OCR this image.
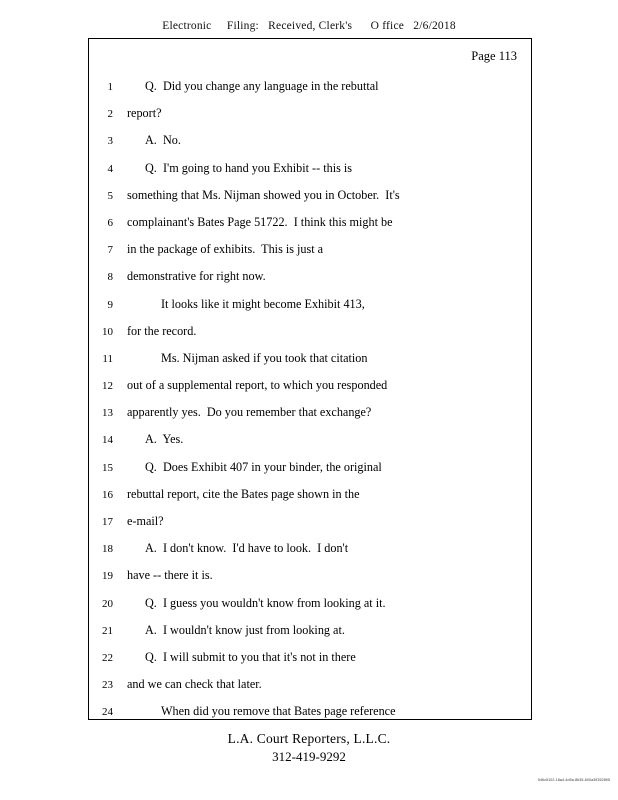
Electronic     Filing:   Received, Clerk's      O ffice   2/6/2018
Page 113
1	Q.  Did you change any language in the rebuttal
2	report?
3	A.  No.
4	Q.  I'm going to hand you Exhibit -- this is
5	something that Ms. Nijman showed you in October.  It's
6	complainant's Bates Page 51722.  I think this might be
7	in the package of exhibits.  This is just a
8	demonstrative for right now.
9	It looks like it might become Exhibit 413,
10	for the record.
11	Ms. Nijman asked if you took that citation
12	out of a supplemental report, to which you responded
13	apparently yes.  Do you remember that exchange?
14	A.  Yes.
15	Q.  Does Exhibit 407 in your binder, the original
16	rebuttal report, cite the Bates page shown in the
17	e-mail?
18	A.  I don't know.  I'd have to look.  I don't
19	have -- there it is.
20	Q.  I guess you wouldn't know from looking at it.
21	A.  I wouldn't know just from looking at.
22	Q.  I will submit to you that it's not in there
23	and we can check that later.
24	When did you remove that Bates page reference
L.A. Court Reporters, L.L.C.
312-419-9292
546c5102-18a4-4d5a-8b35-600a39352895
